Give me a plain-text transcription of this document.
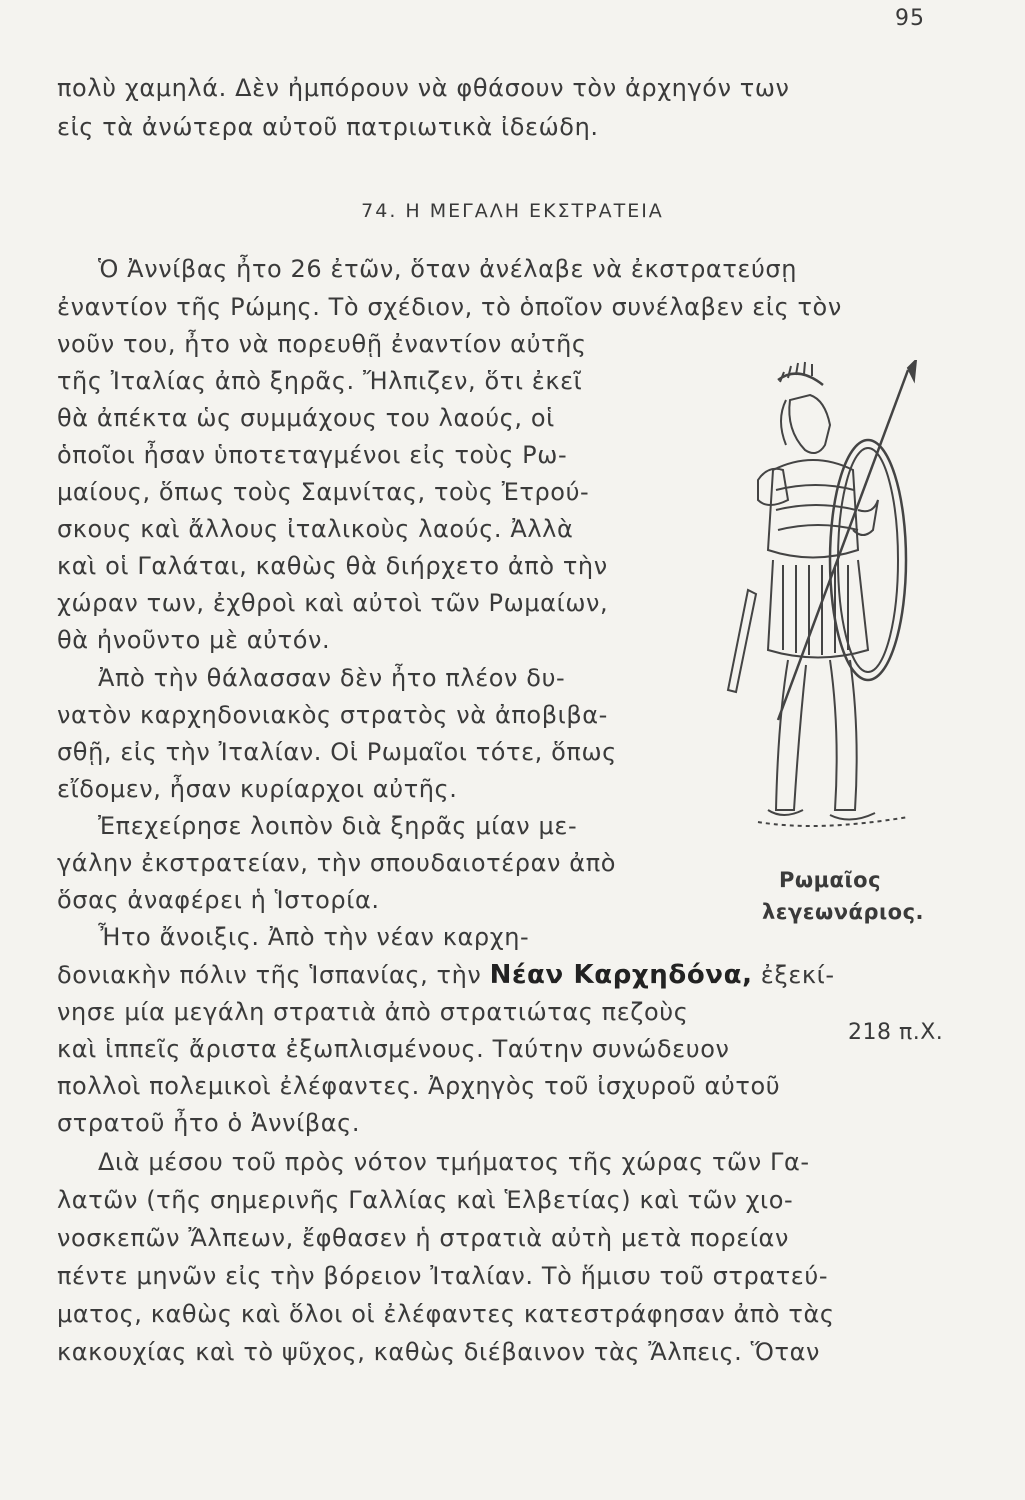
95
πολὺ χαμηλά. Δὲν ἠμπόρουν νὰ φθάσουν τὸν ἀρχηγόν των
εἰς τὰ ἀνώτερα αὐτοῦ πατριωτικὰ ἰδεώδη.
74. Η ΜΕΓΑΛΗ ΕΚΣΤΡΑΤΕΙΑ
Ὁ Ἀννίβας ἦτο 26 ἐτῶν, ὅταν ἀνέλαβε νὰ ἐκστρατεύσῃ
ἐναντίον τῆς Ρώμης. Τὸ σχέδιον, τὸ ὁποῖον συνέλαβεν εἰς τὸν
νοῦν του, ἦτο νὰ πορευθῇ ἐναντίον αὐτῆς
τῆς Ἰταλίας ἀπὸ ξηρᾶς. Ἤλπιζεν, ὅτι ἐκεῖ
θὰ ἀπέκτα ὡς συμμάχους του λαούς, οἱ
ὁποῖοι ἦσαν ὑποτεταγμένοι εἰς τοὺς Ρω-
μαίους, ὅπως τοὺς Σαμνίτας, τοὺς Ἐτρού-
σκους καὶ ἄλλους ἰταλικοὺς λαούς. Ἀλλὰ
καὶ οἱ Γαλάται, καθὼς θὰ διήρχετο ἀπὸ τὴν
χώραν των, ἐχθροὶ καὶ αὐτοὶ τῶν Ρωμαίων,
θὰ ἠνοῦντο μὲ αὐτόν.
Ἀπὸ τὴν θάλασσαν δὲν ἦτο πλέον δυ-
νατὸν καρχηδονιακὸς στρατὸς νὰ ἀποβιβα-
σθῇ, εἰς τὴν Ἰταλίαν. Οἱ Ρωμαῖοι τότε, ὅπως
εἴδομεν, ἦσαν κυρίαρχοι αὐτῆς.
Ἐπεχείρησε λοιπὸν διὰ ξηρᾶς μίαν με-
γάλην ἐκστρατείαν, τὴν σπουδαιοτέραν ἀπὸ
ὅσας ἀναφέρει ἡ Ἱστορία.
Ἦτο ἄνοιξις. Ἀπὸ τὴν νέαν καρχη-
δονιακὴν πόλιν τῆς Ἱσπανίας, τὴν Νέαν Καρχηδόνα, ἐξεκί-
νησε μία μεγάλη στρατιὰ ἀπὸ στρατιώτας πεζοὺς
καὶ ἱππεῖς ἄριστα ἐξωπλισμένους. Ταύτην συνώδευον
218 π.Χ.
πολλοὶ πολεμικοὶ ἐλέφαντες. Ἀρχηγὸς τοῦ ἰσχυροῦ αὐτοῦ
στρατοῦ ἦτο ὁ Ἀννίβας.
Διὰ μέσου τοῦ πρὸς νότον τμήματος τῆς χώρας τῶν Γα-
λατῶν (τῆς σημερινῆς Γαλλίας καὶ Ἑλβετίας) καὶ τῶν χιο-
νοσκεπῶν Ἄλπεων, ἔφθασεν ἡ στρατιὰ αὐτὴ μετὰ πορείαν
πέντε μηνῶν εἰς τὴν βόρειον Ἰταλίαν. Τὸ ἥμισυ τοῦ στρατεύ-
ματος, καθὼς καὶ ὅλοι οἱ ἐλέφαντες κατεστράφησαν ἀπὸ τὰς
κακουχίας καὶ τὸ ψῦχος, καθὼς διέβαινον τὰς Ἄλπεις. Ὅταν
Ρωμαῖος
λεγεωνάριος.
